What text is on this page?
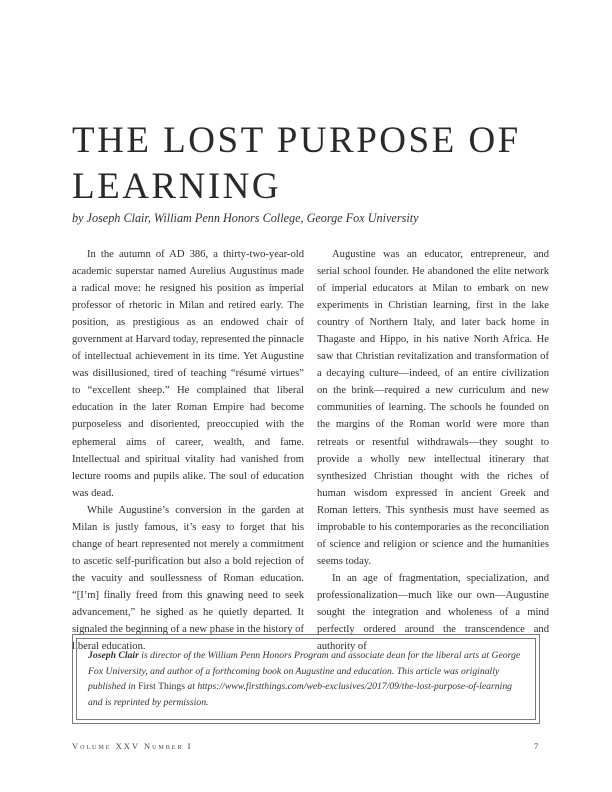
THE LOST PURPOSE OF LEARNING
by Joseph Clair, William Penn Honors College, George Fox University

In the autumn of AD 386, a thirty-two-year-old academic superstar named Aurelius Augustinus made a radical move: he resigned his position as imperial professor of rhetoric in Milan and retired early. The position, as prestigious as an endowed chair of government at Harvard today, represented the pinnacle of intellectual achievement in its time. Yet Augustine was disillusioned, tired of teaching “résumé virtues” to “excellent sheep.” He complained that liberal education in the later Roman Empire had become purposeless and disoriented, preoccupied with the ephemeral aims of career, wealth, and fame. Intellectual and spiritual vitality had vanished from lecture rooms and pupils alike. The soul of education was dead.

While Augustine’s conversion in the garden at Milan is justly famous, it’s easy to forget that his change of heart represented not merely a commitment to ascetic self-purification but also a bold rejection of the vacuity and soullessness of Roman education. “[I’m] finally freed from this gnawing need to seek advancement,” he sighed as he quietly departed. It signaled the beginning of a new phase in the history of liberal education.

Augustine was an educator, entrepreneur, and serial school founder. He abandoned the elite network of imperial educators at Milan to embark on new experiments in Christian learning, first in the lake country of Northern Italy, and later back home in Thagaste and Hippo, in his native North Africa. He saw that Christian revitalization and transformation of a decaying culture—indeed, of an entire civilization on the brink—required a new curriculum and new communities of learning. The schools he founded on the margins of the Roman world were more than retreats or resentful withdrawals—they sought to provide a wholly new intellectual itinerary that synthesized Christian thought with the riches of human wisdom expressed in ancient Greek and Roman letters. This synthesis must have seemed as improbable to his contemporaries as the reconciliation of science and religion or science and the humanities seems today.

In an age of fragmentation, specialization, and professionalization—much like our own—Augustine sought the integration and wholeness of a mind perfectly ordered around the transcendence and authority of

Joseph Clair is director of the William Penn Honors Program and associate dean for the liberal arts at George Fox University, and author of a forthcoming book on Augustine and education. This article was originally published in First Things at https://www.firstthings.com/web-exclusives/2017/09/the-lost-purpose-of-learning and is reprinted by permission.
Volume XXV Number I	7
